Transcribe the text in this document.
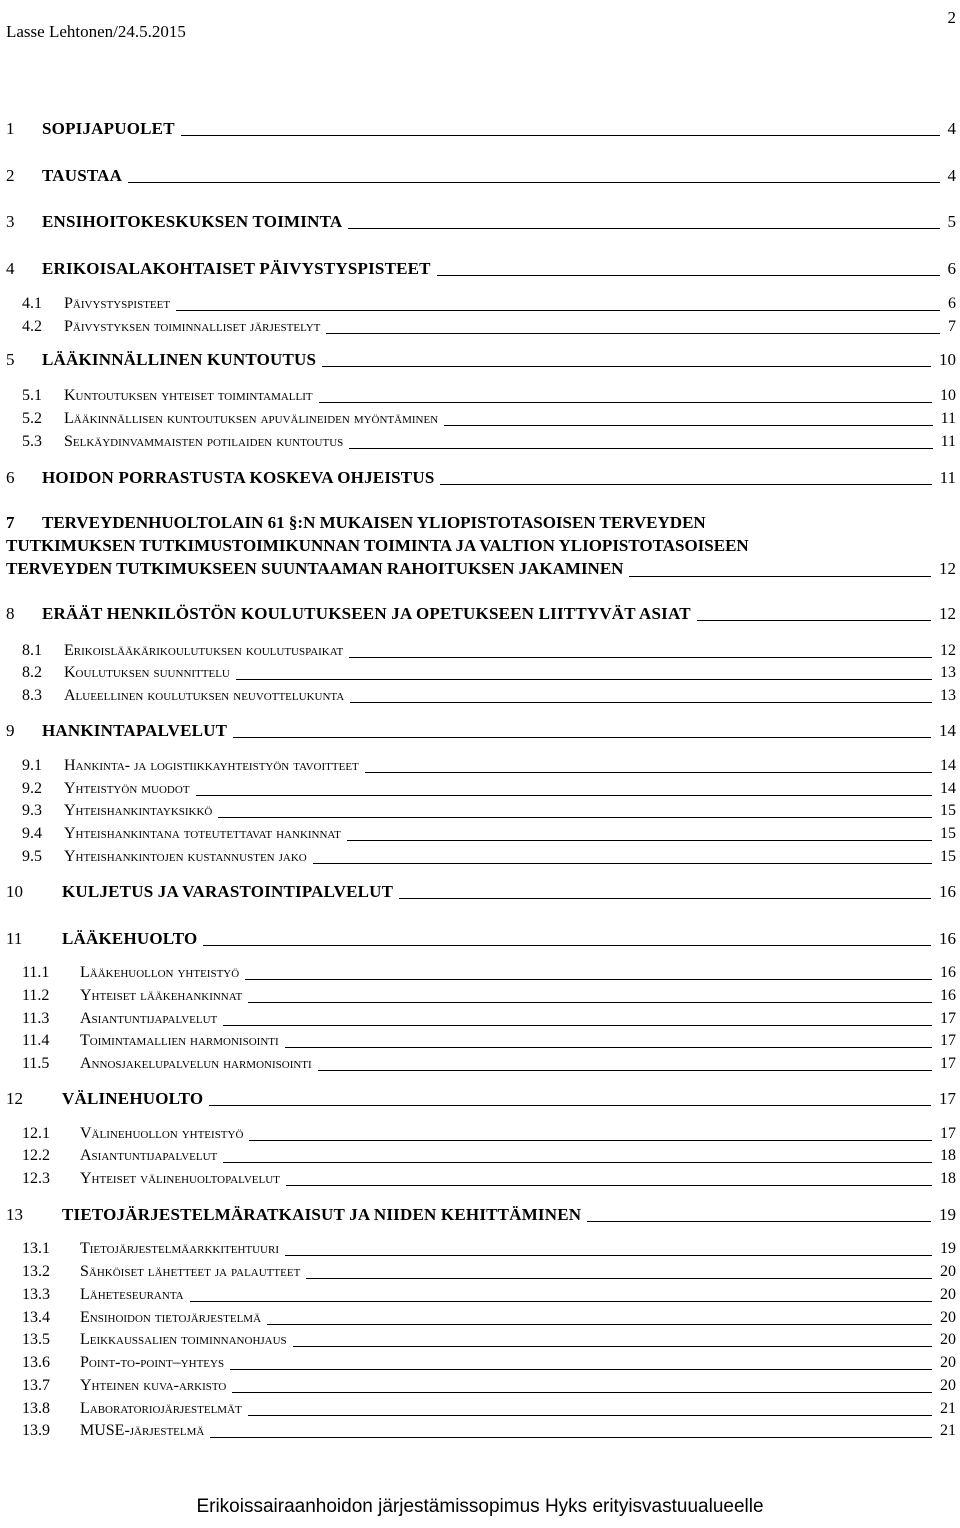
Lasse Lehtonen/24.5.2015
2
1	SOPIJAPUOLET	4
2	TAUSTAA	4
3	ENSIHOITOKESKUKSEN TOIMINTA	5
4	ERIKOISALAKOHTAISET PÄIVYSTYSPISTEET	6
4.1	Päivystyspisteet	6
4.2	Päivystyksen toiminnalliset järjestelyt	7
5	LÄÄKINNÄLLINEN KUNTOUTUS	10
5.1	Kuntoutuksen yhteiset toimintamallit	10
5.2	Lääkinnällisen kuntoutuksen apuvälineiden myöntäminen	11
5.3	Selkäydinvammaisten potilaiden kuntoutus	11
6	HOIDON PORRASTUSTA KOSKEVA OHJEISTUS	11
7	TERVEYDENHUOLTOLAIN 61 §:N MUKAISEN YLIOPISTOTASOISEN TERVEYDEN
TUTKIMUKSEN TUTKIMUSTOIMIKUNNAN TOIMINTA JA VALTION YLIOPISTOTASOISEEN
TERVEYDEN TUTKIMUKSEEN SUUNTAAMAN RAHOITUKSEN JAKAMINEN	12
8	ERÄÄT HENKILÖSTÖN KOULUTUKSEEN JA OPETUKSEEN LIITTYVÄT ASIAT	12
8.1	Erikoislääkärikoulutuksen koulutuspaikat	12
8.2	Koulutuksen suunnittelu	13
8.3	Alueellinen koulutuksen neuvottelukunta	13
9	HANKINTAPALVELUT	14
9.1	Hankinta- ja logistiikkayhteistyön tavoitteet	14
9.2	Yhteistyön muodot	14
9.3	Yhteishankintayksikkö	15
9.4	Yhteishankintana toteutettavat hankinnat	15
9.5	Yhteishankintojen kustannusten jako	15
10	KULJETUS JA VARASTOINTIPALVELUT	16
11	LÄÄKEHUOLTO	16
11.1	Lääkehuollon yhteistyö	16
11.2	Yhteiset lääkehankinnat	16
11.3	Asiantuntijapalvelut	17
11.4	Toimintamallien harmonisointi	17
11.5	Annosjakelupalvelun harmonisointi	17
12	VÄLINEHUOLTO	17
12.1	Välinehuollon yhteistyö	17
12.2	Asiantuntijapalvelut	18
12.3	Yhteiset välinehuoltopalvelut	18
13	TIETOJÄRJESTELMÄRATKAISUT JA NIIDEN KEHITTÄMINEN	19
13.1	Tietojärjestelmäarkkitehtuuri	19
13.2	Sähköiset lähetteet ja palautteet	20
13.3	Läheteseuranta	20
13.4	Ensihoidon tietojärjestelmä	20
13.5	Leikkaussalien toiminnanohjaus	20
13.6	Point-to-point–yhteys	20
13.7	Yhteinen kuva-arkisto	20
13.8	Laboratoriojärjestelmät	21
13.9	MUSE-järjestelmä	21
Erikoissairaanhoidon järjestämissopimus Hyks erityisvastuualueelle
